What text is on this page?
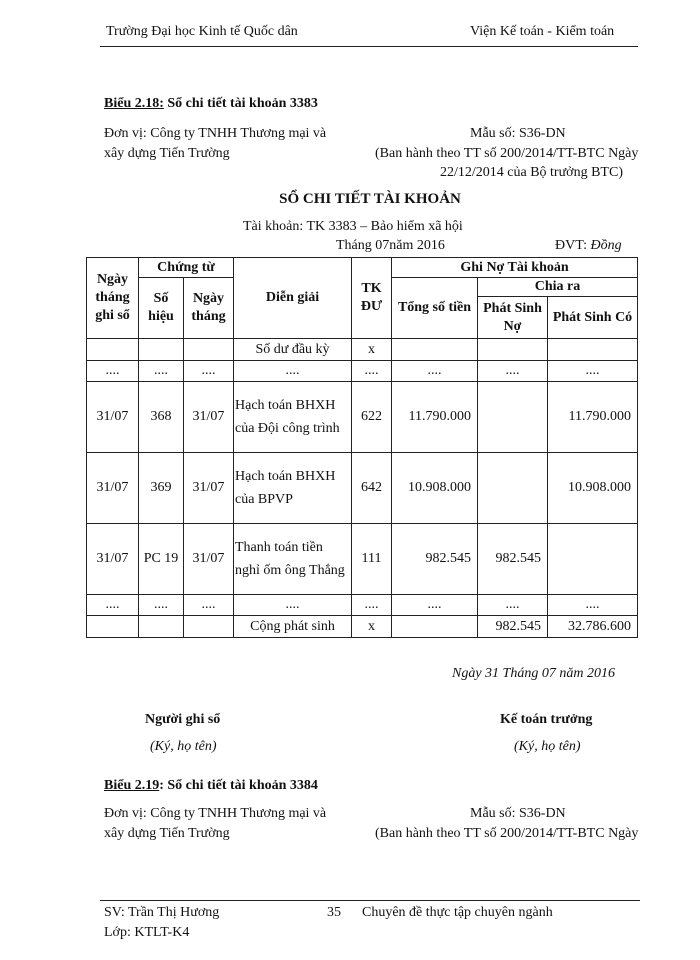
Trường Đại học Kinh tế Quốc dân	Viện Kế toán - Kiểm toán
Biểu 2.18: Sổ chi tiết tài khoản 3383
Đơn vị: Công ty TNHH Thương mại và
xây dựng Tiến Trường
Mẫu số: S36-DN
(Ban hành theo TT số 200/2014/TT-BTC Ngày
22/12/2014 của Bộ trưởng BTC)
SỔ CHI TIẾT TÀI KHOẢN
Tài khoản: TK 3383 – Bảo hiểm xã hội
Tháng 07năm 2016	ĐVT: Đồng
Ngày tháng ghi sổ	Chứng từ		Diễn giải	TK ĐƯ	Ghi Nợ Tài khoản		
	Số hiệu	Ngày tháng			Tổng số tiền	Chia ra	
						Phát Sinh Nợ	Phát Sinh Có
			Số dư đầu kỳ	x			
....	....	....	....	....	....	....	....
31/07	368	31/07	Hạch toán BHXH của Đội công trình	622	11.790.000		11.790.000
31/07	369	31/07	Hạch toán BHXH của BPVP	642	10.908.000		10.908.000
31/07	PC 19	31/07	Thanh toán tiền nghỉ ốm ông Thắng	111	982.545	982.545	
....	....	....	....	....	....	....	....
			Cộng phát sinh	x		982.545	32.786.600
Ngày 31 Tháng 07 năm 2016
Người ghi sổ
(Ký, họ tên)
Kế toán trưởng
(Ký, họ tên)
Biểu 2.19: Sổ chi tiết tài khoản 3384
Đơn vị: Công ty TNHH Thương mại và
xây dựng Tiến Trường
Mẫu số: S36-DN
(Ban hành theo TT số 200/2014/TT-BTC Ngày
SV: Trần Thị Hương	35 Chuyên đề thực tập chuyên ngành
Lớp: KTLT-K4
